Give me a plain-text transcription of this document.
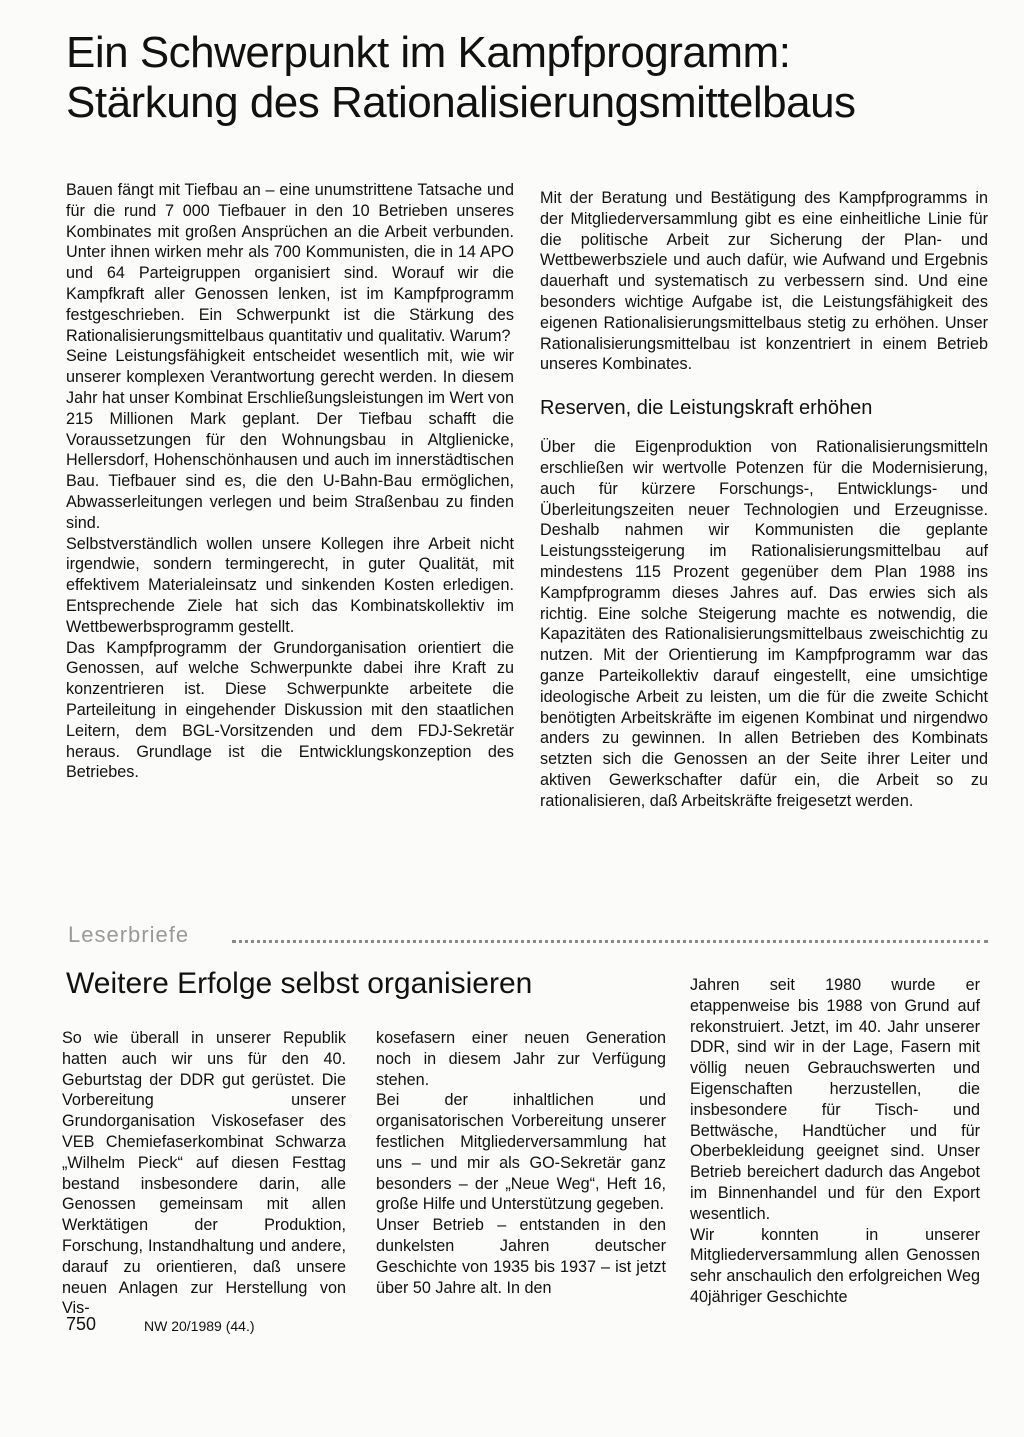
Ein Schwerpunkt im Kampfprogramm:
Stärkung des Rationalisierungsmittelbaus

Bauen fängt mit Tiefbau an – eine unumstrittene Tatsache und für die rund 7 000 Tiefbauer in den 10 Betrieben unseres Kombinates mit großen Ansprüchen an die Arbeit verbunden. Unter ihnen wirken mehr als 700 Kommunisten, die in 14 APO und 64 Parteigruppen organisiert sind. Worauf wir die Kampfkraft aller Genossen lenken, ist im Kampfprogramm festgeschrieben. Ein Schwerpunkt ist die Stärkung des Rationalisierungsmittelbaus quantitativ und qualitativ. Warum?

Seine Leistungsfähigkeit entscheidet wesentlich mit, wie wir unserer komplexen Verantwortung gerecht werden. In diesem Jahr hat unser Kombinat Erschließungsleistungen im Wert von 215 Millionen Mark geplant. Der Tiefbau schafft die Voraussetzungen für den Wohnungsbau in Altglienicke, Hellersdorf, Hohenschönhausen und auch im innerstädtischen Bau. Tiefbauer sind es, die den U-Bahn-Bau ermöglichen, Abwasserleitungen verlegen und beim Straßenbau zu finden sind.

Selbstverständlich wollen unsere Kollegen ihre Arbeit nicht irgendwie, sondern termingerecht, in guter Qualität, mit effektivem Materialeinsatz und sinkenden Kosten erledigen. Entsprechende Ziele hat sich das Kombinatskollektiv im Wettbewerbsprogramm gestellt.

Das Kampfprogramm der Grundorganisation orientiert die Genossen, auf welche Schwerpunkte dabei ihre Kraft zu konzentrieren ist. Diese Schwerpunkte arbeitete die Parteileitung in eingehender Diskussion mit den staatlichen Leitern, dem BGL-Vorsitzenden und dem FDJ-Sekretär heraus. Grundlage ist die Entwicklungskonzeption des Betriebes.

Mit der Beratung und Bestätigung des Kampfprogramms in der Mitgliederversammlung gibt es eine einheitliche Linie für die politische Arbeit zur Sicherung der Plan- und Wettbewerbsziele und auch dafür, wie Aufwand und Ergebnis dauerhaft und systematisch zu verbessern sind. Und eine besonders wichtige Aufgabe ist, die Leistungsfähigkeit des eigenen Rationalisierungsmittelbaus stetig zu erhöhen. Unser Rationalisierungsmittelbau ist konzentriert in einem Betrieb unseres Kombinates.

Reserven, die Leistungskraft erhöhen

Über die Eigenproduktion von Rationalisierungsmitteln erschließen wir wertvolle Potenzen für die Modernisierung, auch für kürzere Forschungs-, Entwicklungs- und Überleitungszeiten neuer Technologien und Erzeugnisse. Deshalb nahmen wir Kommunisten die geplante Leistungssteigerung im Rationalisierungsmittelbau auf mindestens 115 Prozent gegenüber dem Plan 1988 ins Kampfprogramm dieses Jahres auf. Das erwies sich als richtig. Eine solche Steigerung machte es notwendig, die Kapazitäten des Rationalisierungsmittelbaus zweischichtig zu nutzen. Mit der Orientierung im Kampfprogramm war das ganze Parteikollektiv darauf eingestellt, eine umsichtige ideologische Arbeit zu leisten, um die für die zweite Schicht benötigten Arbeitskräfte im eigenen Kombinat und nirgendwo anders zu gewinnen. In allen Betrieben des Kombinats setzten sich die Genossen an der Seite ihrer Leiter und aktiven Gewerkschafter dafür ein, die Arbeit so zu rationalisieren, daß Arbeitskräfte freigesetzt werden.

Leserbriefe
Weitere Erfolge selbst organisieren

So wie überall in unserer Republik hatten auch wir uns für den 40. Geburtstag der DDR gut gerüstet. Die Vorbereitung unserer Grundorganisation Viskosefaser des VEB Chemiefaserkombinat Schwarza „Wilhelm Pieck“ auf diesen Festtag bestand insbesondere darin, alle Genossen gemeinsam mit allen Werktätigen der Produktion, Forschung, Instandhaltung und andere, darauf zu orientieren, daß unsere neuen Anlagen zur Herstellung von Vis-

kosefasern einer neuen Generation noch in diesem Jahr zur Verfügung stehen.

Bei der inhaltlichen und organisatorischen Vorbereitung unserer festlichen Mitgliederversammlung hat uns – und mir als GO-Sekretär ganz besonders – der „Neue Weg“, Heft 16, große Hilfe und Unterstützung gegeben.

Unser Betrieb – entstanden in den dunkelsten Jahren deutscher Geschichte von 1935 bis 1937 – ist jetzt über 50 Jahre alt. In den

Jahren seit 1980 wurde er etappenweise bis 1988 von Grund auf rekonstruiert. Jetzt, im 40. Jahr unserer DDR, sind wir in der Lage, Fasern mit völlig neuen Gebrauchswerten und Eigenschaften herzustellen, die insbesondere für Tisch- und Bettwäsche, Handtücher und für Oberbekleidung geeignet sind. Unser Betrieb bereichert dadurch das Angebot im Binnenhandel und für den Export wesentlich.

Wir konnten in unserer Mitgliederversammlung allen Genossen sehr anschaulich den erfolgreichen Weg 40jähriger Geschichte

750	NW 20/1989 (44.)
